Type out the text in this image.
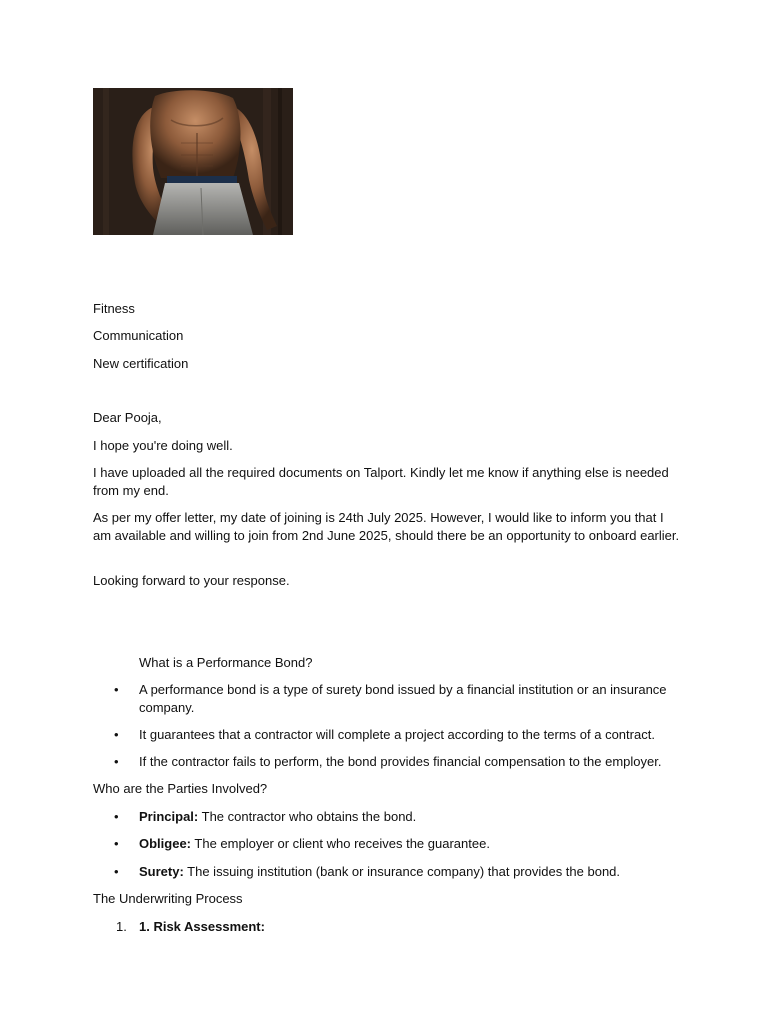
Fitness
Communication
New certification
Dear Pooja,
I hope you're doing well.
I have uploaded all the required documents on Talport. Kindly let me know if anything else is needed from my end.
As per my offer letter, my date of joining is 24th July 2025. However, I would like to inform you that I am available and willing to join from 2nd June 2025, should there be an opportunity to onboard earlier.
Looking forward to your response.
What is a Performance Bond?
• A performance bond is a type of surety bond issued by a financial institution or an insurance company.
• It guarantees that a contractor will complete a project according to the terms of a contract.
• If the contractor fails to perform, the bond provides financial compensation to the employer.
Who are the Parties Involved?
• Principal: The contractor who obtains the bond.
• Obligee: The employer or client who receives the guarantee.
• Surety: The issuing institution (bank or insurance company) that provides the bond.
The Underwriting Process
1. 1. Risk Assessment:
